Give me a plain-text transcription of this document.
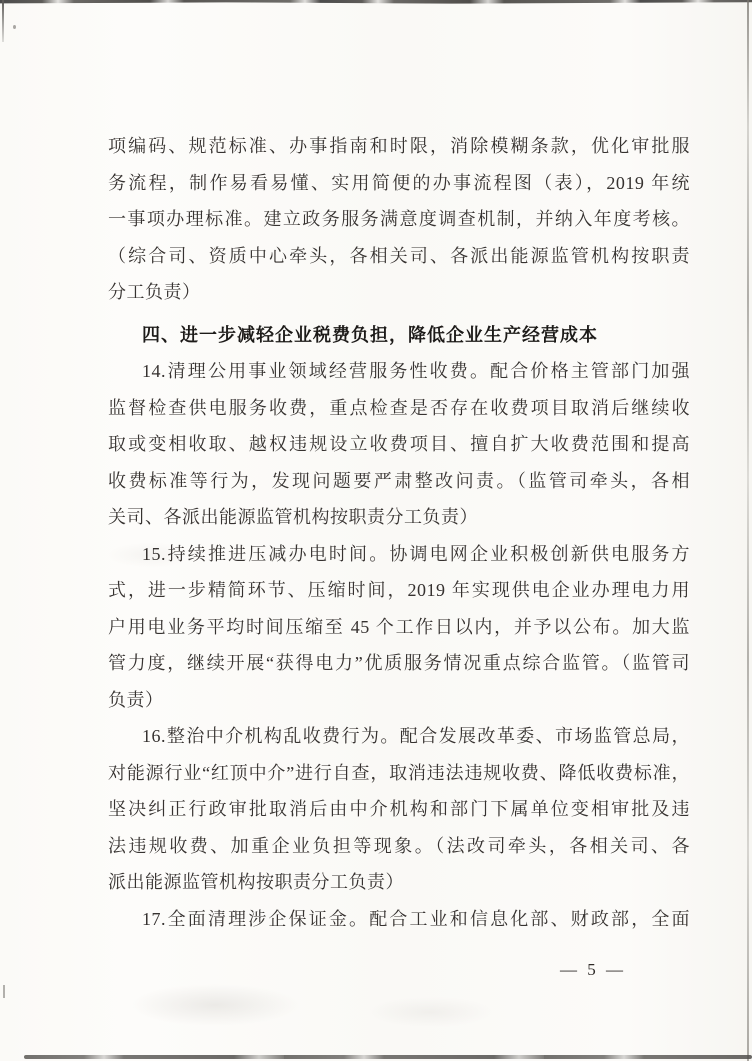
项编码、规范标准、办事指南和时限，消除模糊条款，优化审批服
务流程，制作易看易懂、实用简便的办事流程图（表），2019 年统
一事项办理标准。建立政务服务满意度调查机制，并纳入年度考核。
（综合司、资质中心牵头，各相关司、各派出能源监管机构按职责
分工负责）
四、进一步减轻企业税费负担，降低企业生产经营成本
14.清理公用事业领域经营服务性收费。配合价格主管部门加强
监督检查供电服务收费，重点检查是否存在收费项目取消后继续收
取或变相收取、越权违规设立收费项目、擅自扩大收费范围和提高
收费标准等行为，发现问题要严肃整改问责。（监管司牵头，各相
关司、各派出能源监管机构按职责分工负责）
15.持续推进压减办电时间。协调电网企业积极创新供电服务方
式，进一步精简环节、压缩时间，2019 年实现供电企业办理电力用
户用电业务平均时间压缩至 45 个工作日以内，并予以公布。加大监
管力度，继续开展“获得电力”优质服务情况重点综合监管。（监管司
负责）
16.整治中介机构乱收费行为。配合发展改革委、市场监管总局，
对能源行业“红顶中介”进行自查，取消违法违规收费、降低收费标准，
坚决纠正行政审批取消后由中介机构和部门下属单位变相审批及违
法违规收费、加重企业负担等现象。（法改司牵头，各相关司、各
派出能源监管机构按职责分工负责）
17.全面清理涉企保证金。配合工业和信息化部、财政部，全面
— 5 —
